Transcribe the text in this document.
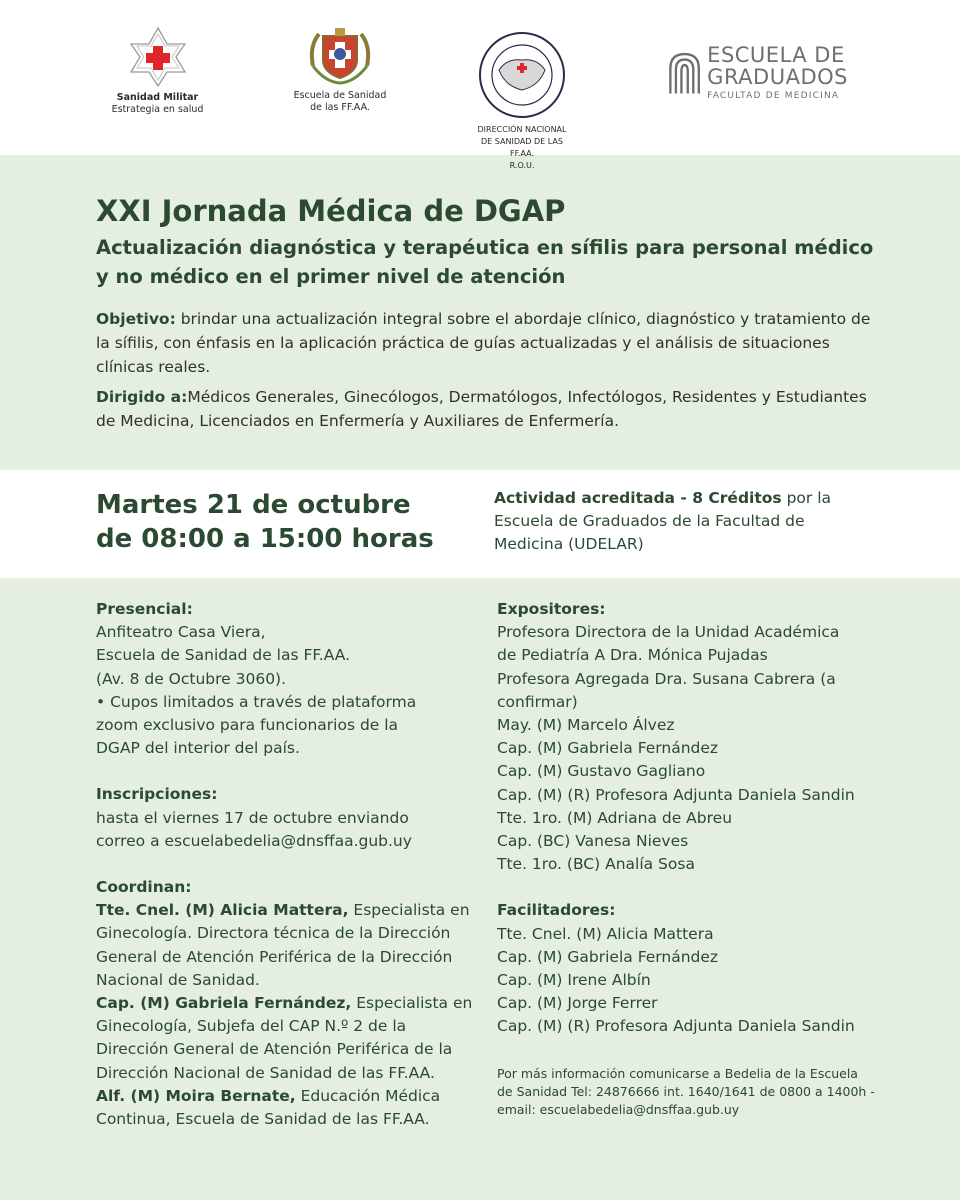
Sanidad Militar
Estrategia en salud
Escuela de Sanidad
de las FF.AA.
DIRECCIÓN NACIONAL DE SANIDAD DE LAS FF.AA.
R.O.U.
ESCUELA DE
GRADUADOS
FACULTAD DE MEDICINA
XXI Jornada Médica de DGAP
Actualización diagnóstica y terapéutica en sífilis para personal médico
y no médico en el primer nivel de atención
Objetivo: brindar una actualización integral sobre el abordaje clínico, diagnóstico y tratamiento de la sífilis, con énfasis en la aplicación práctica de guías actualizadas y el análisis de situaciones clínicas reales.
Dirigido a:Médicos Generales, Ginecólogos, Dermatólogos, Infectólogos, Residentes y Estudiantes de Medicina, Licenciados en Enfermería y Auxiliares de Enfermería.
Martes 21 de octubre
de 08:00 a 15:00 horas
Actividad acreditada - 8 Créditos por la Escuela de Graduados de la Facultad de Medicina (UDELAR)
Presencial:
Anfiteatro Casa Viera,
Escuela de Sanidad de las FF.AA.
(Av. 8 de Octubre 3060).
• Cupos limitados a través de plataforma
zoom exclusivo para funcionarios de la
DGAP del interior del país.
Inscripciones:
hasta el viernes 17 de octubre enviando
correo a escuelabedelia@dnsffaa.gub.uy
Coordinan:
Tte. Cnel. (M) Alicia Mattera, Especialista en Ginecología. Directora técnica de la Dirección General de Atención Periférica de la Dirección Nacional de Sanidad.
Cap. (M) Gabriela Fernández, Especialista en Ginecología, Subjefa del CAP N.º 2 de la Dirección General de Atención Periférica de la Dirección Nacional de Sanidad de las FF.AA.
Alf. (M) Moira Bernate, Educación Médica Continua, Escuela de Sanidad de las FF.AA.
Expositores:
Profesora Directora de la Unidad Académica
de Pediatría A Dra. Mónica Pujadas
Profesora Agregada Dra. Susana Cabrera (a
confirmar)
May. (M) Marcelo Álvez
Cap. (M) Gabriela Fernández
Cap. (M) Gustavo Gagliano
Cap. (M) (R) Profesora Adjunta Daniela Sandin
Tte. 1ro. (M) Adriana de Abreu
Cap. (BC) Vanesa Nieves
Tte. 1ro. (BC) Analía Sosa
Facilitadores:
Tte. Cnel. (M) Alicia Mattera
Cap. (M) Gabriela Fernández
Cap. (M) Irene Albín
Cap. (M) Jorge Ferrer
Cap. (M) (R) Profesora Adjunta Daniela Sandin
Por más información comunicarse a Bedelia de la Escuela de Sanidad Tel: 24876666 int. 1640/1641 de 0800 a 1400h - email: escuelabedelia@dnsffaa.gub.uy
